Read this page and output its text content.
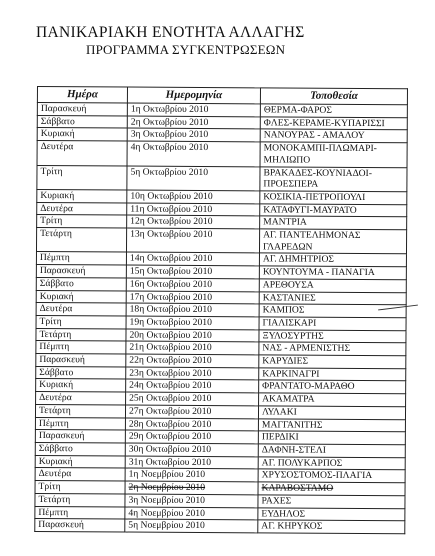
ΠΑΝΙΚΑΡΙΑΚΗ ΕΝΟΤΗΤΑ ΑΛΛΑΓΗΣ
ΠΡΟΓΡΑΜΜΑ ΣΥΓΚΕΝΤΡΩΣΕΩΝ
Ημέρα	Ημερομηνία	Τοποθεσία
Παρασκευή	1η Οκτωβρίου 2010	ΘΕΡΜΑ-ΦΑΡΟΣ

Σάββατο	2η Οκτωβρίου 2010	ΦΛΕΣ-ΚΕΡΑΜΕ-ΚΥΠΑΡΙΣΣΙ

Κυριακή	3η Οκτωβρίου 2010	ΝΑΝΟΥΡΑΣ - ΑΜΑΛΟΥ

Δευτέρα	4η Οκτωβρίου 2010	ΜΟΝΟΚΑΜΠΙ-ΠΛΩΜΑΡΙ-
ΜΗΛΙΩΠΟ

Τρίτη	5η Οκτωβρίου 2010	ΒΡΑΚΑΔΕΣ-ΚΟΥΝΙΑΔΟΙ-
ΠΡΟΕΣΠΕΡΑ

Κυριακή	10η Οκτωβρίου 2010	ΚΟΣΙΚΙΑ-ΠΕΤΡΟΠΟΥΛΙ

Δευτέρα	11η Οκτωβρίου 2010	ΚΑΤΑΦΥΓΙ-ΜΑΥΡΑΤΟ

Τρίτη	12η Οκτωβρίου 2010	ΜΑΝΤΡΙΑ

Τετάρτη	13η Οκτωβρίου 2010	ΑΓ. ΠΑΝΤΕΛΗΜΟΝΑΣ
ΓΛΑΡΕΔΩΝ

Πέμπτη	14η Οκτωβρίου 2010	ΑΓ. ΔΗΜΗΤΡΙΟΣ

Παρασκευή	15η Οκτωβρίου 2010	ΚΟΥΝΤΟΥΜΑ - ΠΑΝΑΓΙΑ

Σάββατο	16η Οκτωβρίου 2010	ΑΡΕΘΟΥΣΑ

Κυριακή	17η Οκτωβρίου 2010	ΚΑΣΤΑΝΙΕΣ

Δευτέρα	18η Οκτωβρίου 2010	ΚΑΜΠΟΣ

Τρίτη	19η Οκτωβρίου 2010	ΓΙΑΛΙΣΚΑΡΙ

Τετάρτη	20η Οκτωβρίου 2010	ΞΥΛΟΣΥΡΤΗΣ

Πέμπτη	21η Οκτωβρίου 2010	ΝΑΣ - ΑΡΜΕΝΙΣΤΗΣ

Παρασκευή	22η Οκτωβρίου 2010	ΚΑΡΥΔΙΕΣ

Σάββατο	23η Οκτωβρίου 2010	ΚΑΡΚΙΝΑΓΡΙ

Κυριακή	24η Οκτωβρίου 2010	ΦΡΑΝΤΑΤΟ-ΜΑΡΑΘΟ

Δευτέρα	25η Οκτωβρίου 2010	ΑΚΑΜΑΤΡΑ

Τετάρτη	27η Οκτωβρίου 2010	ΛΥΛΑΚΙ

Πέμπτη	28η Οκτωβρίου 2010	ΜΑΓΓΑΝΙΤΗΣ

Παρασκευή	29η Οκτωβρίου 2010	ΠΕΡΔΙΚΙ

Σάββατο	30η Οκτωβρίου 2010	ΔΑΦΝΗ-ΣΤΕΛΙ

Κυριακή	31η Οκτωβρίου 2010	ΑΓ. ΠΟΛΥΚΑΡΠΟΣ

Δευτέρα	1η Νοεμβρίου 2010	ΧΡΥΣΟΣΤΟΜΟΣ-ΠΛΑΓΙΑ

Τρίτη	2η Νοεμβρίου 2010	ΚΑΡΑΒΟΣΤΑΜΟ

Τετάρτη	3η Νοεμβρίου 2010	ΡΑΧΕΣ

Πέμπτη	4η Νοεμβρίου 2010	ΕΥΔΗΛΟΣ

Παρασκευή	5η Νοεμβρίου 2010	ΑΓ. ΚΗΡΥΚΟΣ
